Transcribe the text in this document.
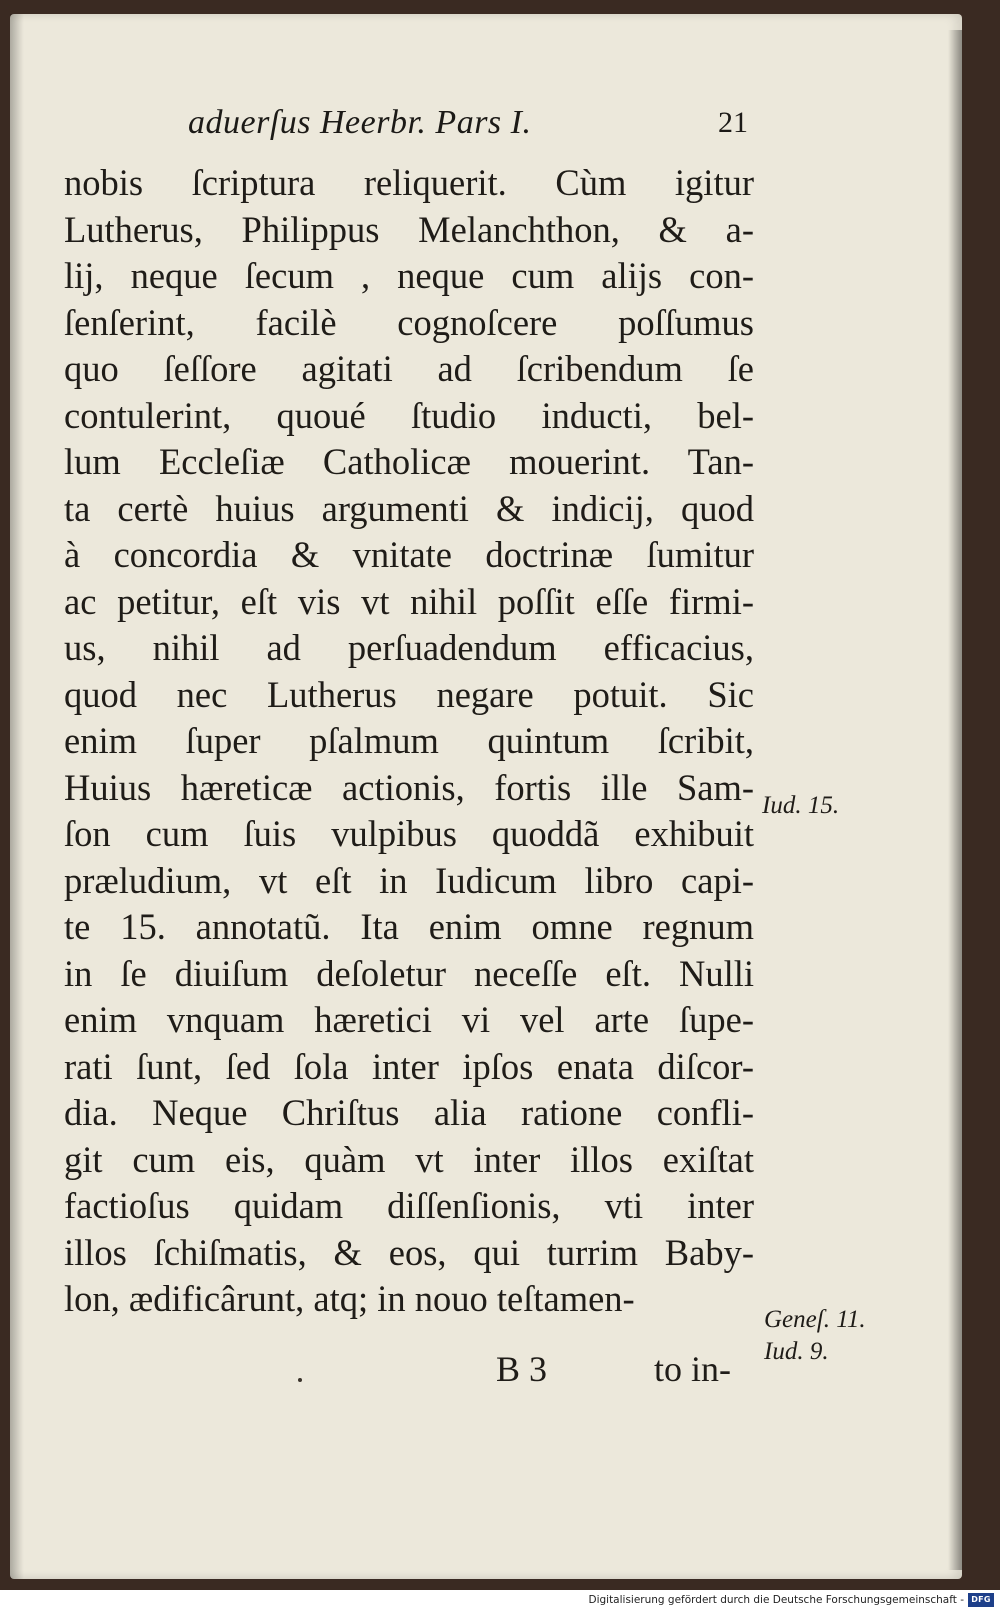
aduerſus Heerbr. Pars I.	21
nobis ſcriptura reliquerit. Cùm igitur
Lutherus, Philippus Melanchthon, & a-
lij, neque ſecum , neque cum alijs con-
ſenſerint, facilè cognoſcere poſſumus
quo ſeſſore agitati ad ſcribendum ſe
contulerint, quoué ſtudio inducti, bel-
lum Eccleſiæ Catholicæ mouerint. Tan-
ta certè huius argumenti & indicij, quod
à concordia & vnitate doctrinæ ſumitur
ac petitur, eſt vis vt nihil poſſit eſſe firmi-
us, nihil ad perſuadendum efficacius,
quod nec Lutherus negare potuit. Sic
enim ſuper pſalmum quintum ſcribit,
Huius hæreticæ actionis, fortis ille Sam-
ſon cum ſuis vulpibus quoddã exhibuit
præludium, vt eſt in Iudicum libro capi-
te 15. annotatũ. Ita enim omne regnum
in ſe diuiſum deſoletur neceſſe eſt. Nulli
enim vnquam hæretici vi vel arte ſupe-
rati ſunt, ſed ſola inter ipſos enata diſcor-
dia. Neque Chriſtus alia ratione confli-
git cum eis, quàm vt inter illos exiſtat
factioſus quidam diſſenſionis, vti inter
illos ſchiſmatis, & eos, qui turrim Baby-
lon, ædificârunt, atq; in nouo teſtamen-
Iud. 15.
Geneſ. 11.
Iud. 9.
B 3	to in-
Digitalisierung gefördert durch die Deutsche Forschungsgemeinschaft - DFG
